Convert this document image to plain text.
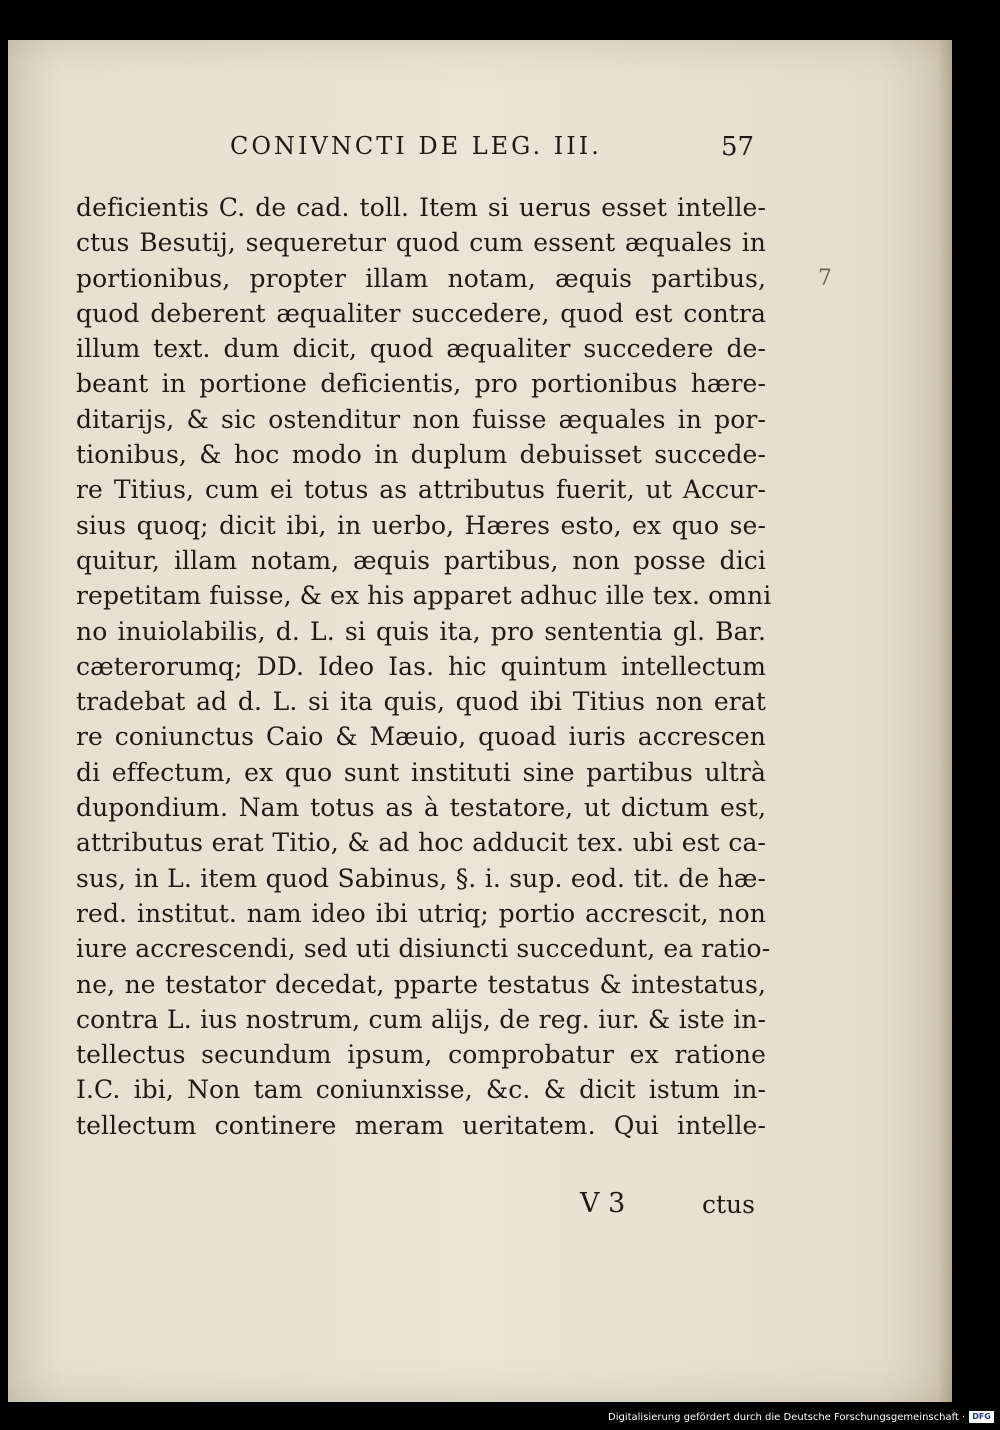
CONIVNCTI DE LEG. III.	57
7
deficientis C. de cad. toll. Item si uerus esset intelle-
ctus Besutij, sequeretur quod cum essent æquales in
portionibus, propter illam notam, æquis partibus,
quod deberent æqualiter succedere, quod est contra
illum text. dum dicit, quod æqualiter succedere de-
beant in portione deficientis, pro portionibus hære-
ditarijs, & sic ostenditur non fuisse æquales in por-
tionibus, & hoc modo in duplum debuisset succede-
re Titius, cum ei totus as attributus fuerit, ut Accur-
sius quoq; dicit ibi, in uerbo, Hæres esto, ex quo se-
quitur, illam notam, æquis partibus, non posse dici
repetitam fuisse, & ex his apparet adhuc ille tex. omni
no inuiolabilis, d. L. si quis ita, pro sententia gl. Bar.
cæterorumq; DD. Ideo Ias. hic quintum intellectum
tradebat ad d. L. si ita quis, quod ibi Titius non erat
re coniunctus Caio & Mæuio, quoad iuris accrescen
di effectum, ex quo sunt instituti sine partibus ultrà
dupondium. Nam totus as à testatore, ut dictum est,
attributus erat Titio, & ad hoc adducit tex. ubi est ca-
sus, in L. item quod Sabinus, §. i. sup. eod. tit. de hæ-
red. institut. nam ideo ibi utriq; portio accrescit, non
iure accrescendi, sed uti disiuncti succedunt, ea ratio-
ne, ne testator decedat, pparte testatus & intestatus,
contra L. ius nostrum, cum alijs, de reg. iur. & iste in-
tellectus secundum ipsum, comprobatur ex ratione
I.C. ibi, Non tam coniunxisse, &c. & dicit istum in-
tellectum continere meram ueritatem. Qui intelle-
V 3	ctus
Digitalisierung gefördert durch die Deutsche Forschungsgemeinschaft · DFG
